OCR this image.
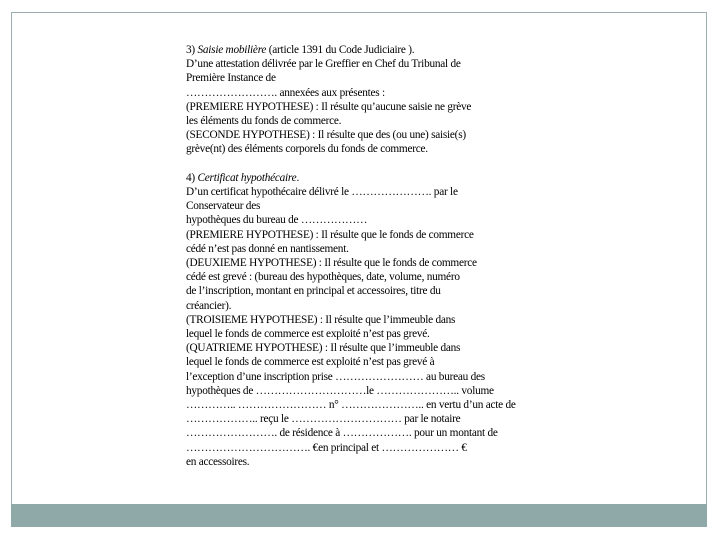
3) Saisie mobilière (article 1391 du Code Judiciaire ).

D’une attestation délivrée par le Greffier en Chef du Tribunal de

Première Instance de

……………………. annexées aux présentes :

(PREMIERE HYPOTHESE) : Il résulte qu’aucune saisie ne grève

les éléments du fonds de commerce.

(SECONDE HYPOTHESE) : Il résulte que des (ou une) saisie(s)

grève(nt) des éléments corporels du fonds de commerce.

4) Certificat hypothécaire.

D’un certificat hypothécaire délivré le …………………. par le

Conservateur des

hypothèques du bureau de ………………

(PREMIERE HYPOTHESE) : Il résulte que le fonds de commerce

cédé n’est pas donné en nantissement.

(DEUXIEME HYPOTHESE) : Il résulte que le fonds de commerce

cédé est grevé : (bureau des hypothèques, date, volume, numéro

de l’inscription, montant en principal et accessoires, titre du

créancier).

(TROISIEME HYPOTHESE) : Il résulte que l’immeuble dans

lequel le fonds de commerce est exploité n’est pas grevé.

(QUATRIEME HYPOTHESE) : Il résulte que l’immeuble dans

lequel le fonds de commerce est exploité n’est pas grevé à

l’exception d’une inscription prise …………………… au bureau des

hypothèques de …………………………le ………………….. volume

………….. …………………… n° ………………….. en vertu d’un acte de

……………….. reçu le ………………………… par le notaire

……………………. de résidence à ………………. pour un montant de

……………………………. €en principal et ………………… €

en accessoires.
